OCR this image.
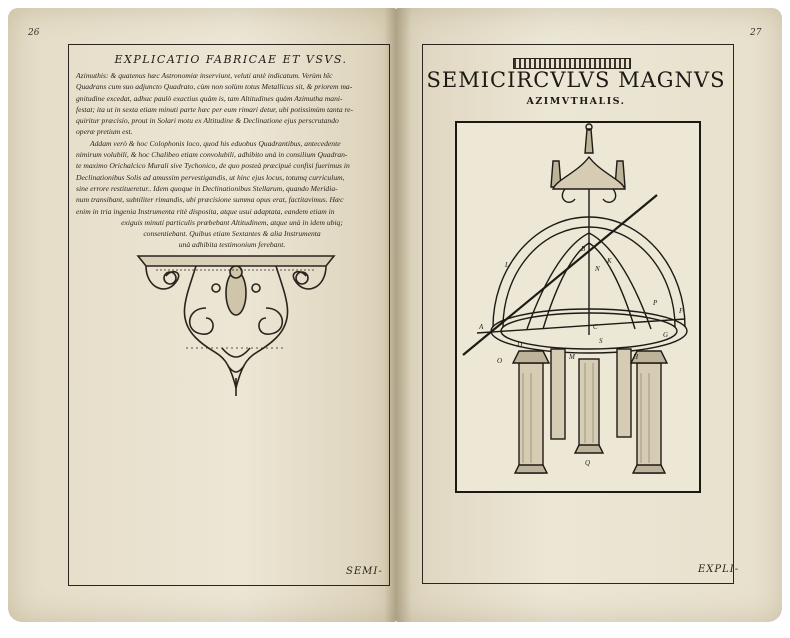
26	27
EXPLICATIO FABRICAE ET VSVS.

Azimuthis: & quatenus hæc Astronomiæ inserviunt, veluti antè indicatum. Verùm hîc

Quadrans cum suo adjuncto Quadrato, cùm non solùm totus Metallicus sit, & priorem ma-

gnitudine excedat, adhuc paulò exactius quàm is, tam Altitudines quàm Azimutha mani-

festat; ita ut in sexta etiam minuti parte hæc per eum rimari detur, ubi potissimùm tanta re-

quiritur præcisio, prout in Solari motu ex Altitudine & Declinatione ejus perscrutando

operæ pretium est.

Addam verò & hoc Colophonis loco, quod his eduobus Quadrantibus, antecedente

nimirum volubili, & hoc Chalibeo etiam convolubili, adhibito unà in consilium Quadran-

te maximo Orichalcico Murali sive Tychonico, de quo posteà præcipuè confisi fuerimus in

Declinationibus Solis ad amussim pervestigandis, ut hinc ejus locus, totumq curriculum,

sine errore restitueretur.. Idem quoque in Declinationibus Stellarum, quando Meridia-

num transibant, subtiliter rimandis, ubi præcisione summa opus erat, factitavimus. Hæc

enim in tria ingenia Instrumenta ritè disposita, atque usui adaptata, eandem etiam in

exiguis minuti particulis præbebant Altitudinem, atque unà in idem ubiq;

consentiebant. Quibus etiam Sextantes & alia Instrumenta

unà adhibita testimonium ferebant.

SEMI-
SEMICIRCVLVS MAGNVS
AZIMVTHALIS.
N
K
B
A
L
F
C
D
P
S
G
Q
H
M
O
EXPLI-
